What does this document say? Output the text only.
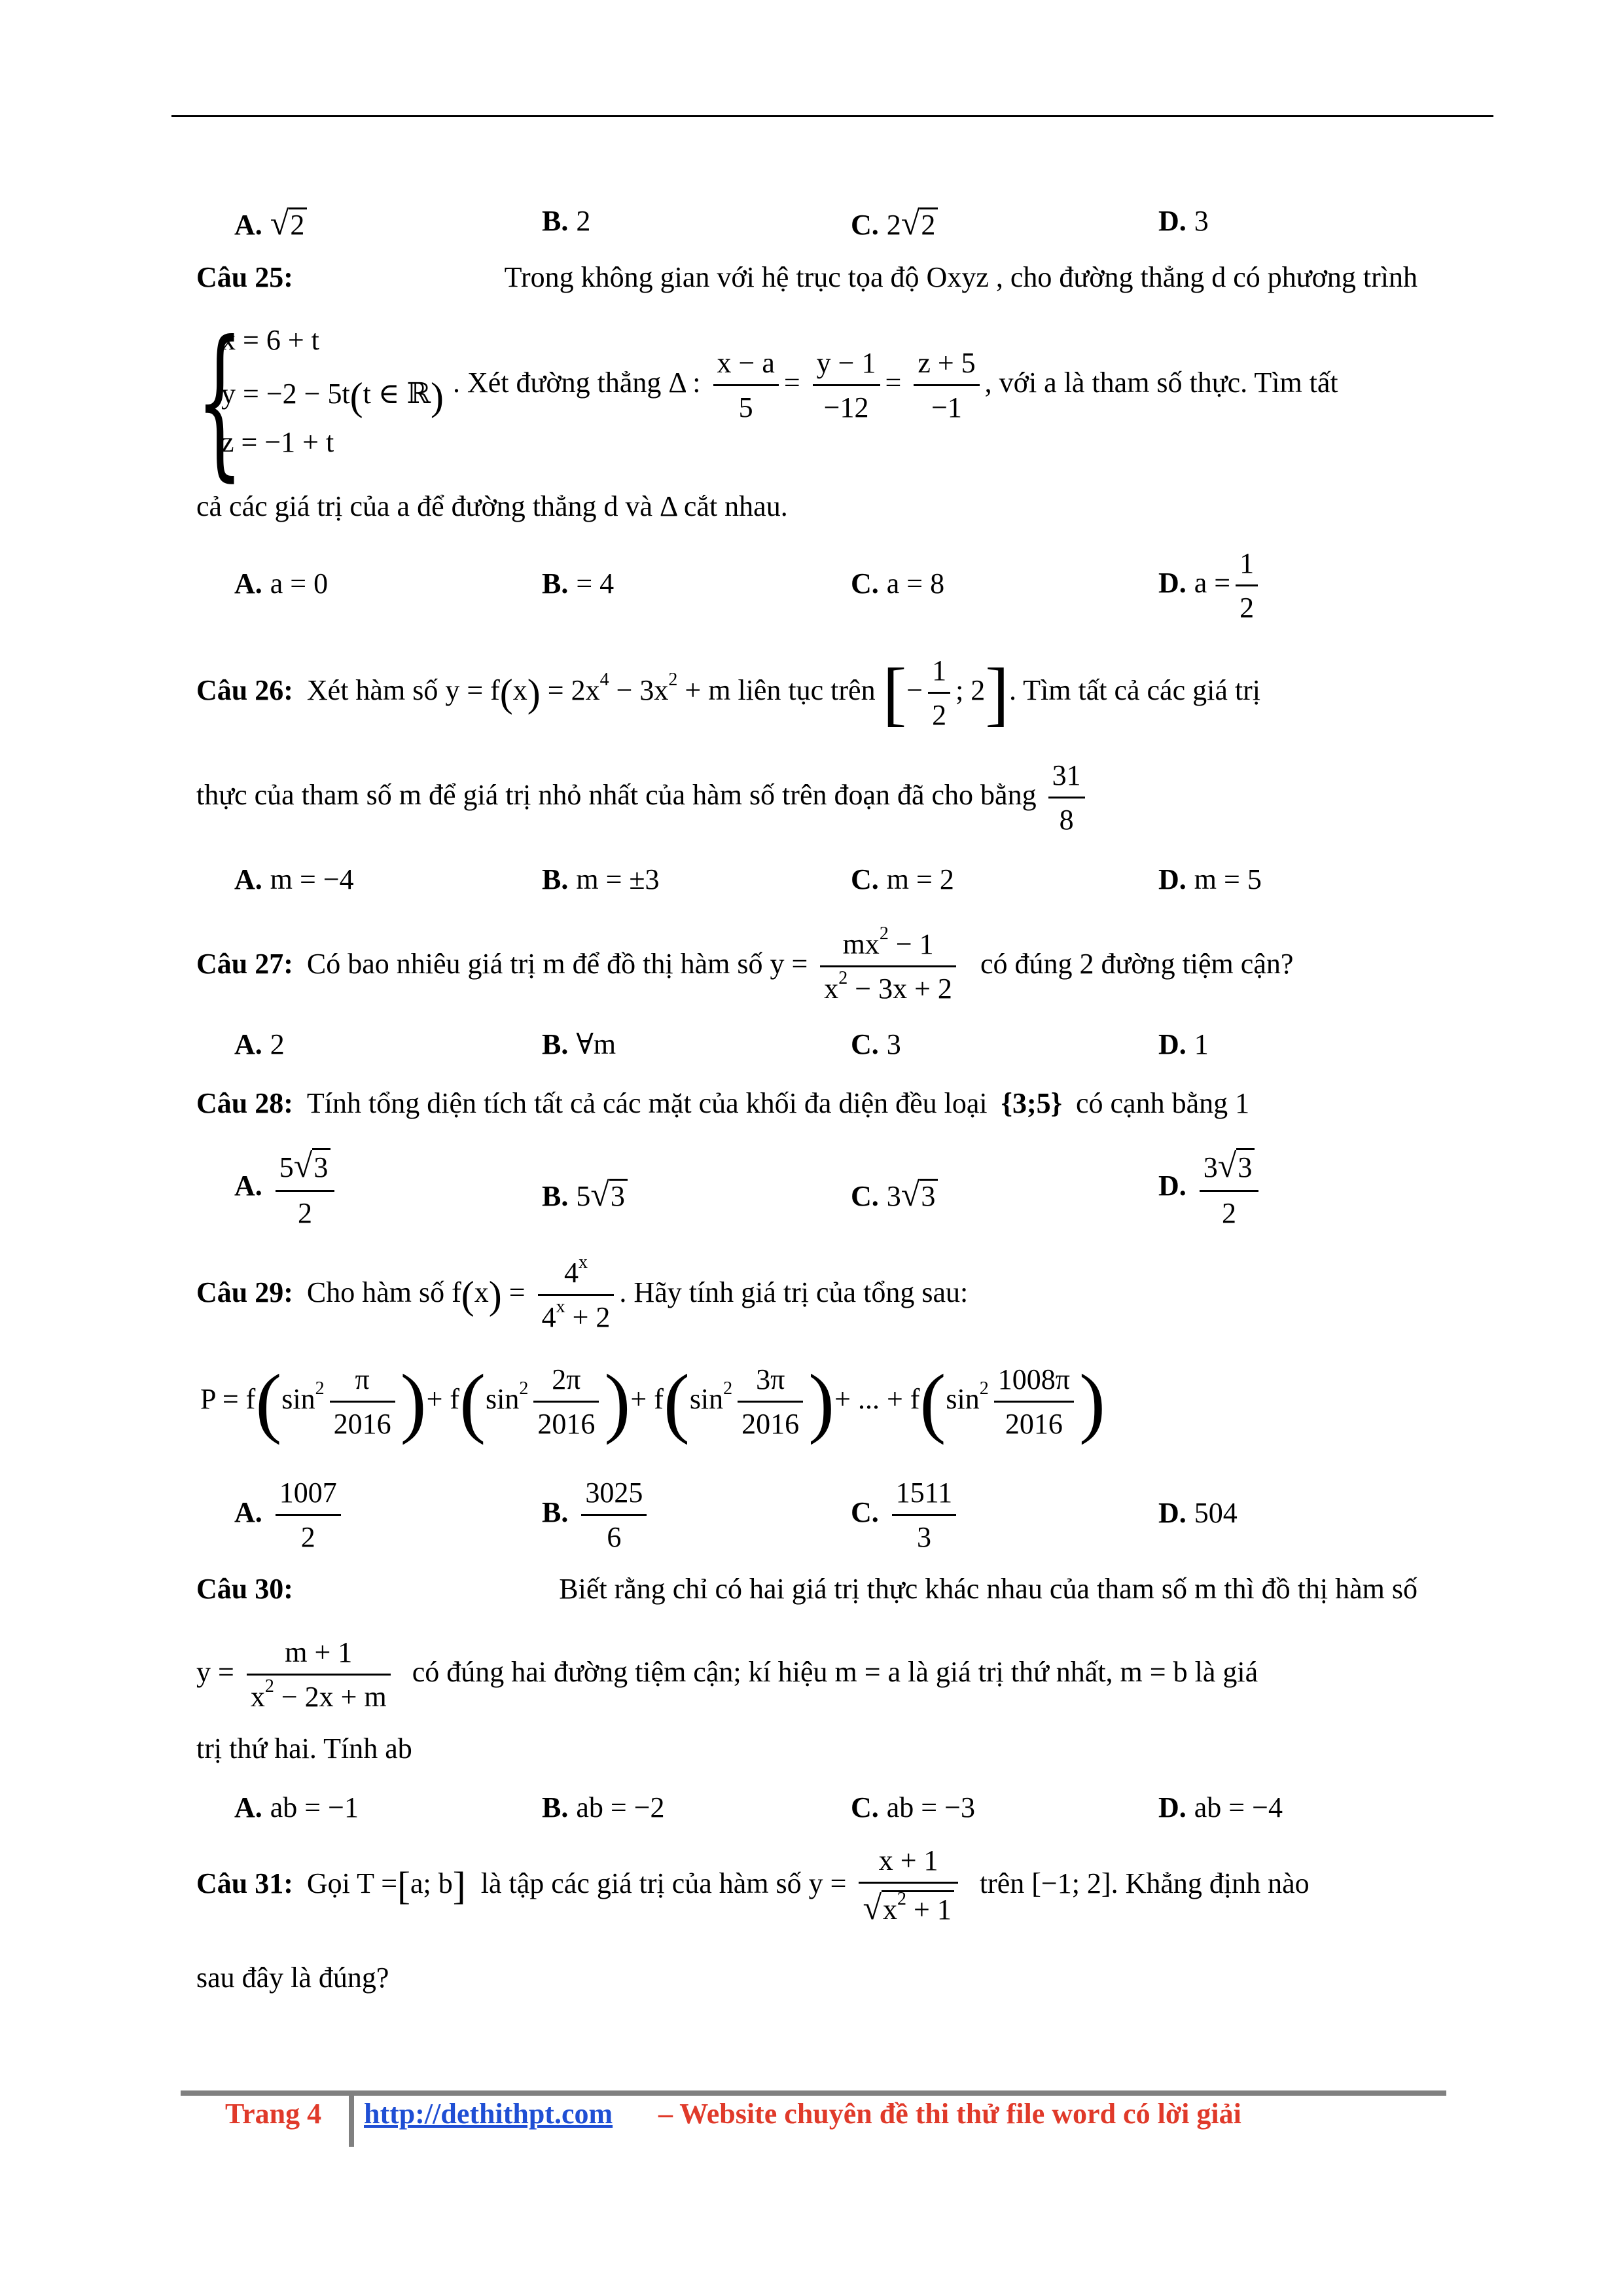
A. √2	B. 2	C. 2√2	D. 3
Câu 25:	Trong không gian với hệ trục tọa độ Oxyz , cho đường thẳng d có phương trình
{
x = 6 + t
y = −2 − 5t(t ∈ ℝ)
z = −1 + t
. Xét đường thẳng Δ : $\frac{x - a}{5} = \frac{y - 1}{-12} = \frac{z + 5}{-1}$ , với a là tham số thực. Tìm tất
cả các giá trị của a để đường thẳng d và Δ cắt nhau.
A. a = 0	B. = 4	C. a = 8	D. $a = \frac{1}{2}$
Câu 26: Xét hàm số $y = f(x) = 2x^4 - 3x^2 + m$ liên tục trên [− $\frac{1}{2}$ ; 2]. Tìm tất cả các giá trị
thực của tham số m để giá trị nhỏ nhất của hàm số trên đoạn đã cho bằng $\frac{31}{8}$
A. m = −4	B. m = ±3	C. m = 2	D. m = 5
Câu 27: Có bao nhiêu giá trị m để đồ thị hàm số $y = \frac{mx^2 - 1}{x^2 - 3x + 2}$ có đúng 2 đường tiệm cận?
A. 2	B. ∀m	C. 3	D. 1
Câu 28: Tính tổng diện tích tất cả các mặt của khối đa diện đều loại {3;5} có cạnh bằng 1
A. $\frac{5√3}{2}$	B. 5√3	C. 3√3	D. $\frac{3√3}{2}$
Câu 29: Cho hàm số $f(x) = \frac{4^x}{4^x + 2}$ . Hãy tính giá trị của tổng sau:
$P = f(\sin^2 \frac{\pi}{2016}$ )+ $f(\sin^2 \frac{2\pi}{2016}$ )+ $f(\sin^2 \frac{3\pi}{2016}$ )+ ... + $f(\sin^2 \frac{1008\pi}{2016}$ )
A. $\frac{1007}{2}$	B. $\frac{3025}{6}$	C. $\frac{1511}{3}$	D. 504
Câu 30:	Biết rằng chỉ có hai giá trị thực khác nhau của tham số m thì đồ thị hàm số
$y = \frac{m + 1}{x^2 - 2x + m}$ có đúng hai đường tiệm cận; kí hiệu m = a là giá trị thứ nhất, m = b là giá
trị thứ hai. Tính ab
A. ab = −1	B. ab = −2	C. ab = −3	D. ab = −4
Câu 31: Gọi T =[a; b] là tập các giá trị của hàm số $y = \frac{x + 1}{√x^2 + 1}$ trên [−1; 2]. Khẳng định nào
sau đây là đúng?
Trang 4 http://dethithpt.com – Website chuyên đề thi thử file word có lời giải
